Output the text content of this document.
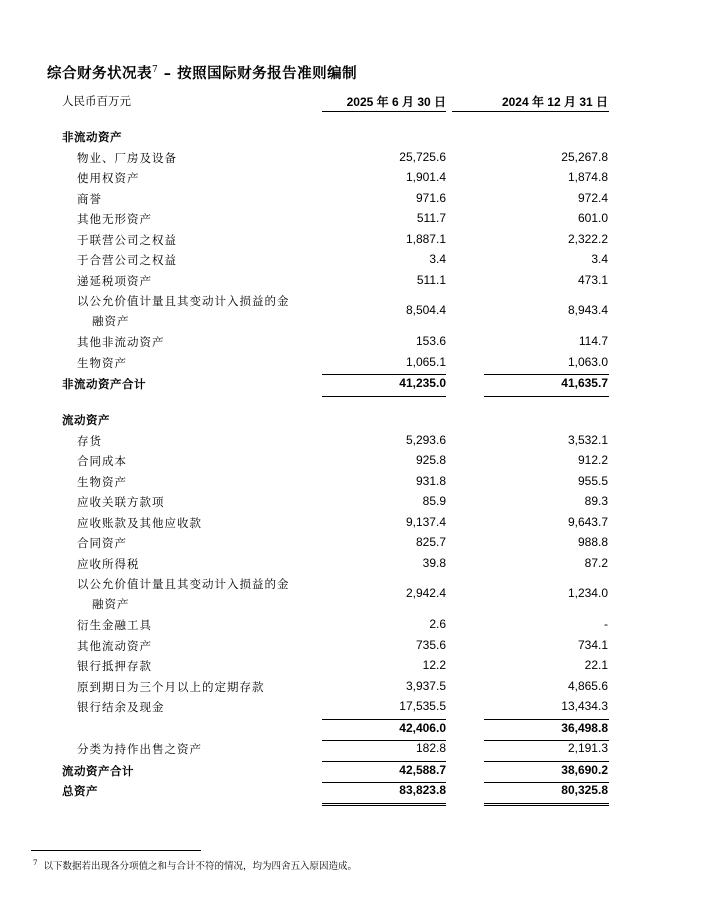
综合财务状况表$^7$ – 按照国际财务报告准则编制
人民币百万元	2025 年 6 月 30 日	2024 年 12 月 31 日
非流动资产
物业、厂房及设备	25,725.6	25,267.8
使用权资产	1,901.4	1,874.8
商誉	971.6	972.4
其他无形资产	511.7	601.0
于联营公司之权益	1,887.1	2,322.2
于合营公司之权益	3.4	3.4
递延税项资产	511.1	473.1
以公允价值计量且其变动计入损益的金
融资产
8,504.4	8,943.4
其他非流动资产	153.6	114.7
生物资产	1,065.1	1,063.0
非流动资产合计	41,235.0	41,635.7
流动资产
存货	5,293.6	3,532.1
合同成本	925.8	912.2
生物资产	931.8	955.5
应收关联方款项	85.9	89.3
应收账款及其他应收款	9,137.4	9,643.7
合同资产	825.7	988.8
应收所得税	39.8	87.2
以公允价值计量且其变动计入损益的金
融资产
2,942.4	1,234.0
衍生金融工具	2.6	-
其他流动资产	735.6	734.1
银行抵押存款	12.2	22.1
原到期日为三个月以上的定期存款	3,937.5	4,865.6
银行结余及现金	17,535.5	13,434.3
42,406.0	36,498.8
分类为持作出售之资产	182.8	2,191.3
流动资产合计	42,588.7	38,690.2
总资产	83,823.8	80,325.8
$^7$ 以下数据若出现各分项值之和与合计不符的情况，均为四舍五入原因造成。
